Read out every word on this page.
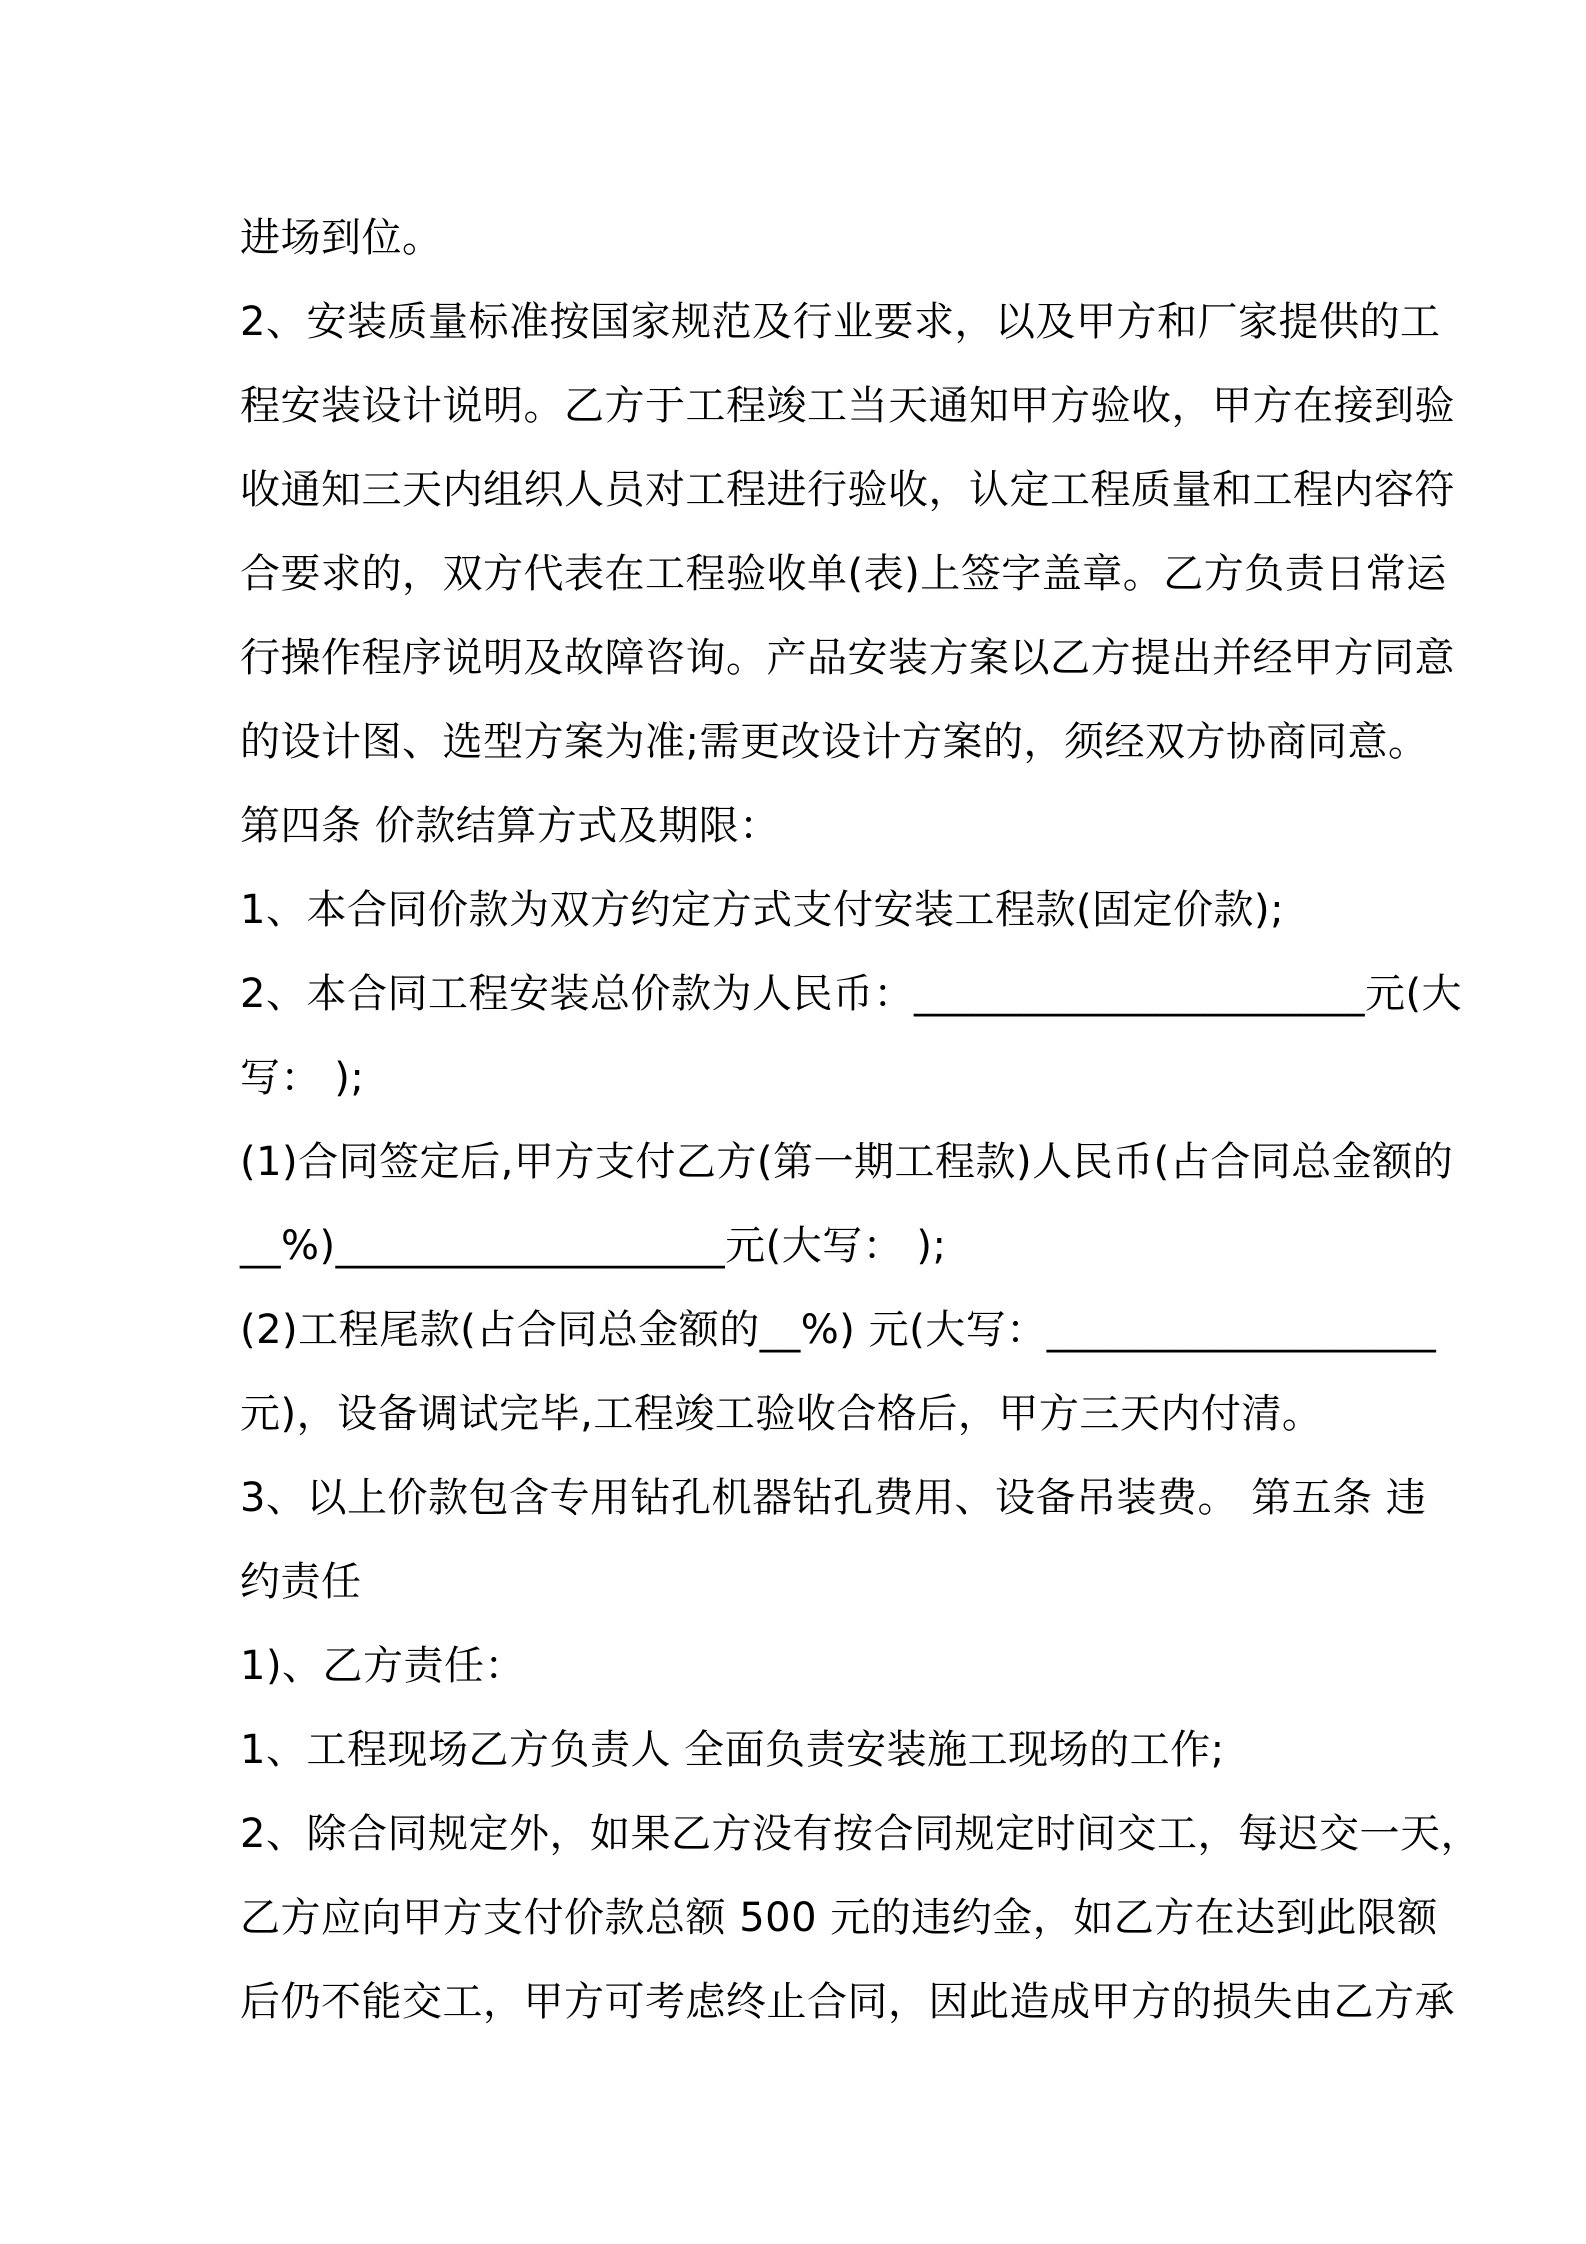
进场到位。
2、安装质量标准按国家规范及行业要求，以及甲方和厂家提供的工
程安装设计说明。乙方于工程竣工当天通知甲方验收，甲方在接到验
收通知三天内组织人员对工程进行验收，认定工程质量和工程内容符
合要求的，双方代表在工程验收单(表)上签字盖章。乙方负责日常运
行操作程序说明及故障咨询。产品安装方案以乙方提出并经甲方同意
的设计图、选型方案为准;需更改设计方案的，须经双方协商同意。
第四条 价款结算方式及期限：
1、本合同价款为双方约定方式支付安装工程款(固定价款);
2、本合同工程安装总价款为人民币：______________________元(大
写： );
(1)合同签定后,甲方支付乙方(第一期工程款)人民币(占合同总金额的
__%)___________________元(大写： );
(2)工程尾款(占合同总金额的__%) 元(大写：___________________
元)，设备调试完毕,工程竣工验收合格后，甲方三天内付清。
3、以上价款包含专用钻孔机器钻孔费用、设备吊装费。 第五条 违
约责任
1)、乙方责任：
1、工程现场乙方负责人 全面负责安装施工现场的工作;
2、除合同规定外，如果乙方没有按合同规定时间交工，每迟交一天，
乙方应向甲方支付价款总额 500 元的违约金，如乙方在达到此限额
后仍不能交工，甲方可考虑终止合同，因此造成甲方的损失由乙方承
